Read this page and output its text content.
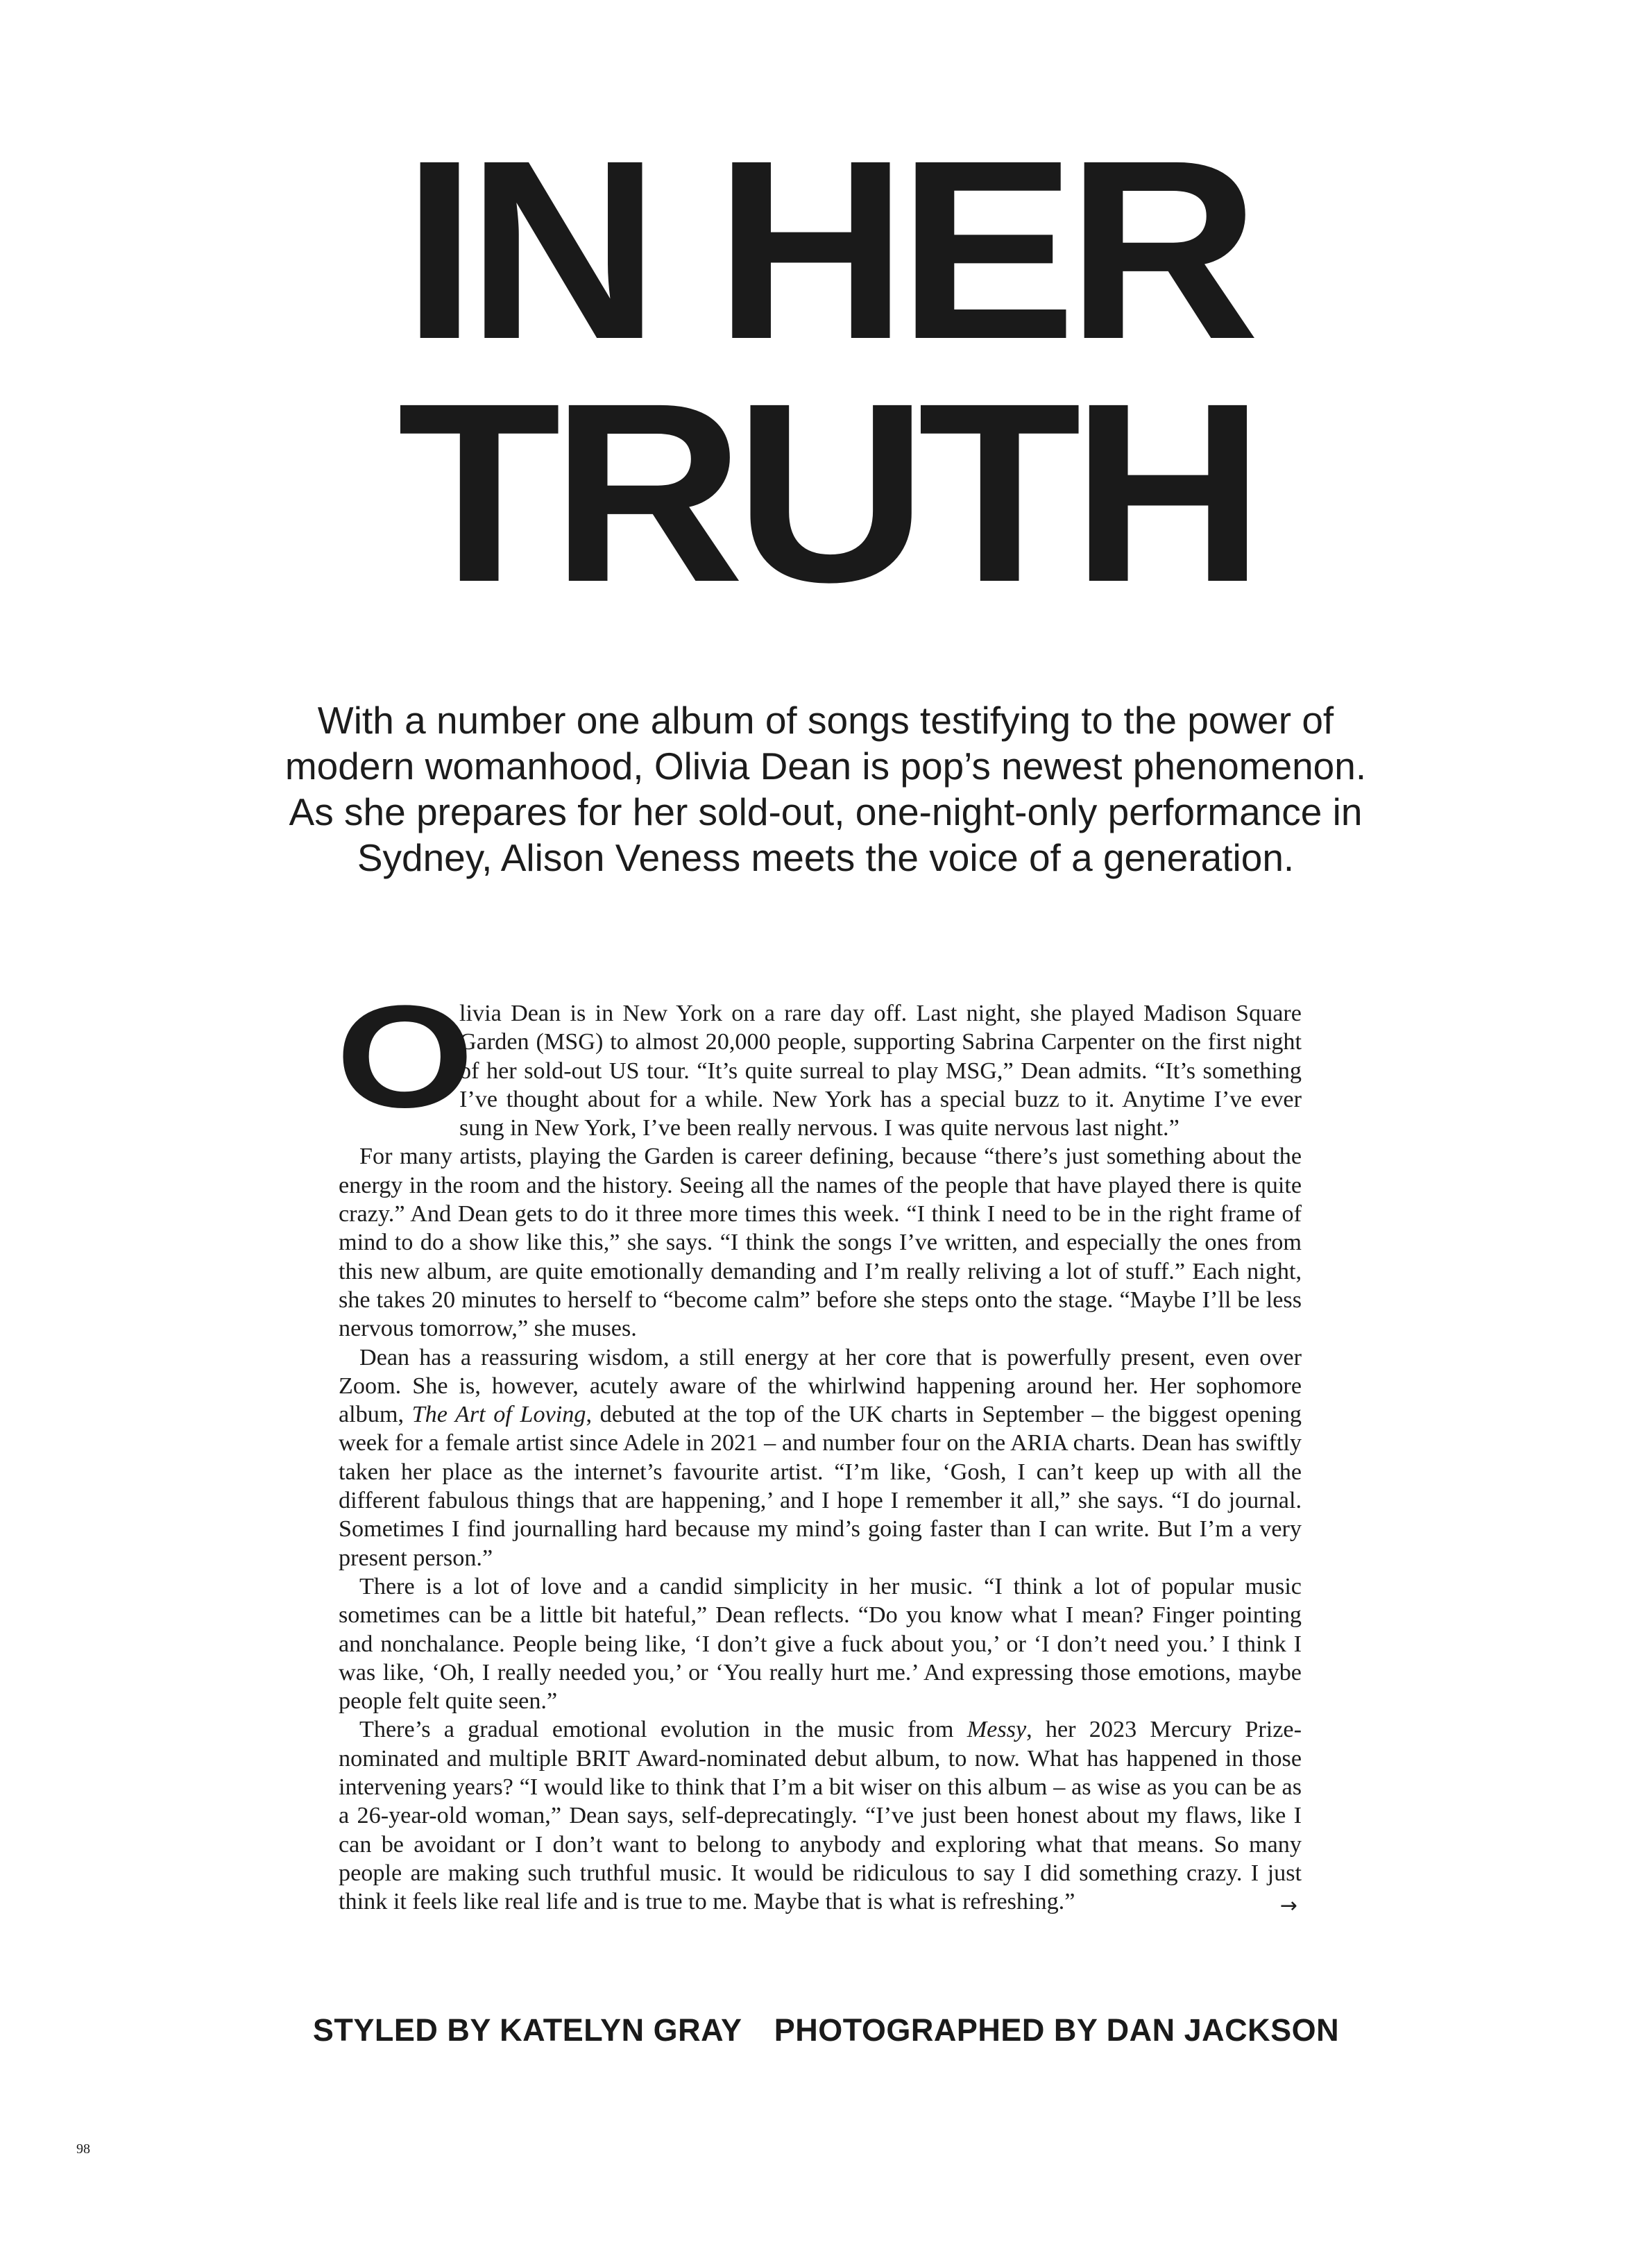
IN HER
TRUTH

With a number one album of songs testifying to the power of

modern womanhood, Olivia Dean is pop’s newest phenomenon.

As she prepares for her sold-out, one-night-only performance in

Sydney, Alison Veness meets the voice of a generation.

O
livia Dean is in New York on a rare day off. Last night, she played Madison Square Garden (MSG) to almost 20,000 people, supporting Sabrina Carpenter on the first night of her sold-out US tour. “It’s quite surreal to play MSG,” Dean admits. “It’s something I’ve thought about for a while. New York has a special buzz to it. Anytime I’ve ever sung in New York, I’ve been really nervous. I was quite nervous last night.”

For many artists, playing the Garden is career defining, because “there’s just something about the energy in the room and the history. Seeing all the names of the people that have played there is quite crazy.” And Dean gets to do it three more times this week. “I think I need to be in the right frame of mind to do a show like this,” she says. “I think the songs I’ve written, and especially the ones from this new album, are quite emotionally demanding and I’m really reliving a lot of stuff.” Each night, she takes 20 minutes to herself to “become calm” before she steps onto the stage. “Maybe I’ll be less nervous tomorrow,” she muses.

Dean has a reassuring wisdom, a still energy at her core that is powerfully present, even over Zoom. She is, however, acutely aware of the whirlwind happening around her. Her sophomore album, The Art of Loving, debuted at the top of the UK charts in September – the biggest opening week for a female artist since Adele in 2021 – and number four on the ARIA charts. Dean has swiftly taken her place as the internet’s favourite artist. “I’m like, ‘Gosh, I can’t keep up with all the different fabulous things that are happening,’ and I hope I remember it all,” she says. “I do journal. Sometimes I find journalling hard because my mind’s going faster than I can write. But I’m a very present person.”

There is a lot of love and a candid simplicity in her music. “I think a lot of popular music sometimes can be a little bit hateful,” Dean reflects. “Do you know what I mean? Finger pointing and nonchalance. People being like, ‘I don’t give a fuck about you,’ or ‘I don’t need you.’ I think I was like, ‘Oh, I really needed you,’ or ‘You really hurt me.’ And expressing those emotions, maybe people felt quite seen.”

There’s a gradual emotional evolution in the music from Messy, her 2023 Mercury Prize-nominated and multiple BRIT Award-nominated debut album, to now. What has happened in those intervening years? “I would like to think that I’m a bit wiser on this album – as wise as you can be as a 26-year-old woman,” Dean says, self-deprecatingly. “I’ve just been honest about my flaws, like I can be avoidant or I don’t want to belong to anybody and exploring what that means. So many people are making such truthful music. It would be ridiculous to say I did something crazy. I just think it feels like real life and is true to me. Maybe that is what is refreshing.”	→

STYLED BY KATELYN GRAY PHOTOGRAPHED BY DAN JACKSON
98
